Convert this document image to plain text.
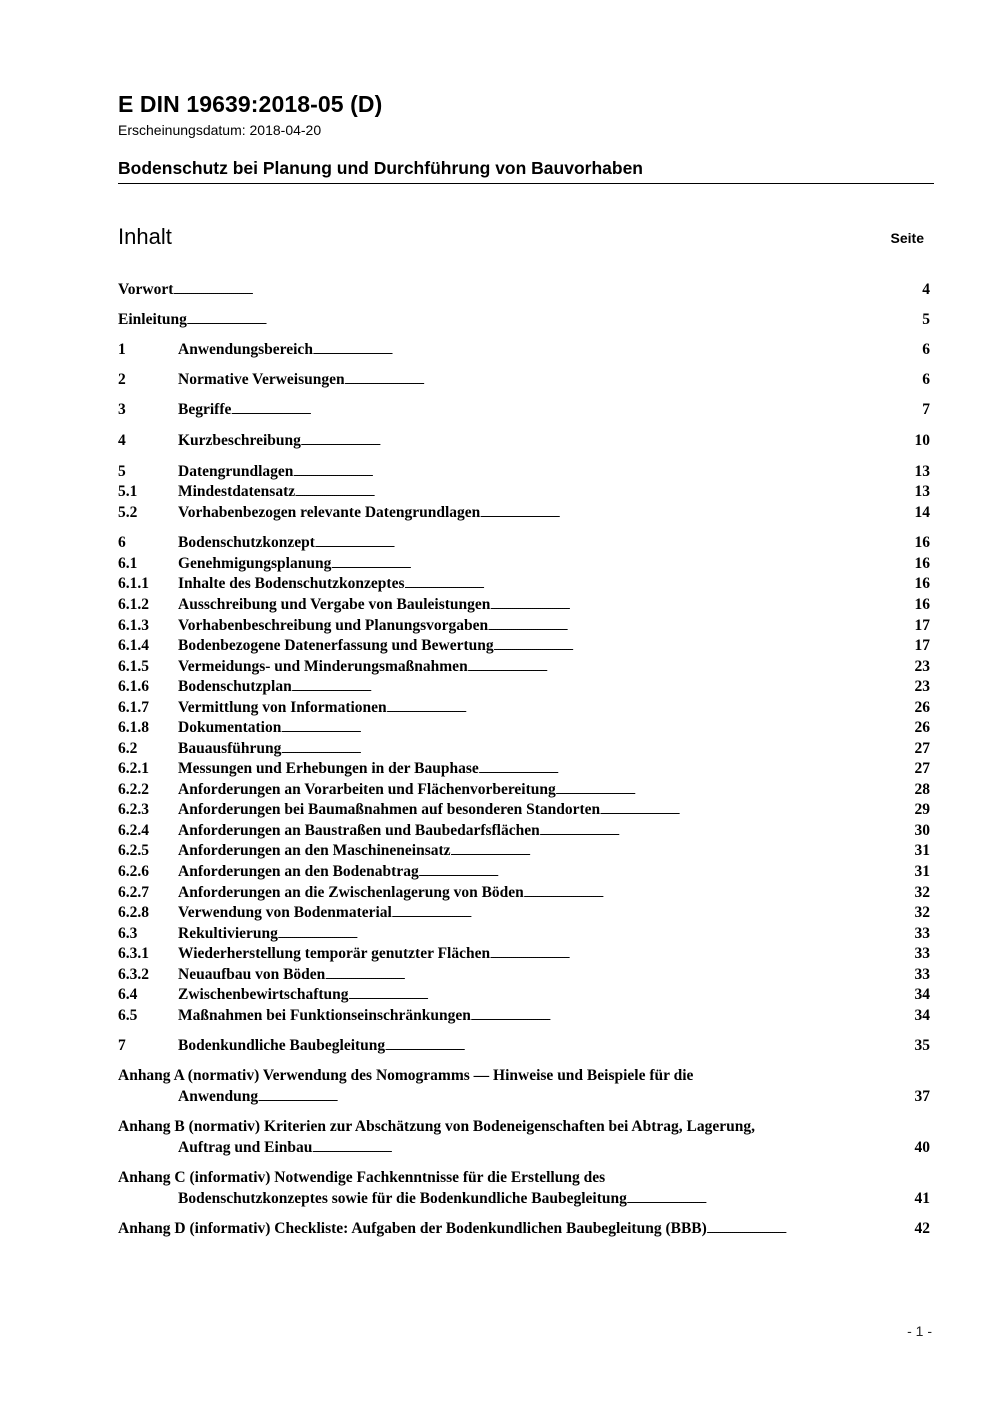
E DIN 19639:2018-05 (D)
Erscheinungsdatum: 2018-04-20
Bodenschutz bei Planung und Durchführung von Bauvorhaben
Inhalt	Seite
Vorwort . . .	4
Einleitung . . .	5
1	Anwendungsbereich . . .	6
2	Normative Verweisungen . . .	6
3	Begriffe . . .	7
4	Kurzbeschreibung . . .	10
5	Datengrundlagen . . .	13
5.1	Mindestdatensatz . . .	13
5.2	Vorhabenbezogen relevante Datengrundlagen . . .	14
6	Bodenschutzkonzept . . .	16
6.1	Genehmigungsplanung . . .	16
6.1.1 Inhalte des Bodenschutzkonzeptes . . .	16
6.1.2 Ausschreibung und Vergabe von Bauleistungen . . .	16
6.1.3 Vorhabenbeschreibung und Planungsvorgaben . . .	17
6.1.4 Bodenbezogene Datenerfassung und Bewertung . . .	17
6.1.5 Vermeidungs- und Minderungsmaßnahmen . . .	23
6.1.6 Bodenschutzplan . . .	23
6.1.7 Vermittlung von Informationen . . .	26
6.1.8 Dokumentation . . .	26
6.2	Bauausführung . . .	27
6.2.1 Messungen und Erhebungen in der Bauphase . . .	27
6.2.2 Anforderungen an Vorarbeiten und Flächenvorbereitung . . .	28
6.2.3 Anforderungen bei Baumaßnahmen auf besonderen Standorten . . .	29
6.2.4 Anforderungen an Baustraßen und Baubedarfsflächen . . .	30
6.2.5 Anforderungen an den Maschineneinsatz . . .	31
6.2.6 Anforderungen an den Bodenabtrag . . .	31
6.2.7 Anforderungen an die Zwischenlagerung von Böden . . .	32
6.2.8 Verwendung von Bodenmaterial . . .	32
6.3	Rekultivierung . . .	33
6.3.1 Wiederherstellung temporär genutzter Flächen . . .	33
6.3.2 Neuaufbau von Böden . . .	33
6.4	Zwischenbewirtschaftung . . .	34
6.5	Maßnahmen bei Funktionseinschränkungen . . .	34
7	Bodenkundliche Baubegleitung . . .	35
Anhang A (normativ) Verwendung des Nomogramms — Hinweise und Beispiele für die
Anwendung . . .	37
Anhang B (normativ) Kriterien zur Abschätzung von Bodeneigenschaften bei Abtrag, Lagerung,
Auftrag und Einbau . . .	40
Anhang C (informativ) Notwendige Fachkenntnisse für die Erstellung des
Bodenschutzkonzeptes sowie für die Bodenkundliche Baubegleitung . . .	41
Anhang D (informativ) Checkliste: Aufgaben der Bodenkundlichen Baubegleitung (BBB) . . .	42
- 1 -
